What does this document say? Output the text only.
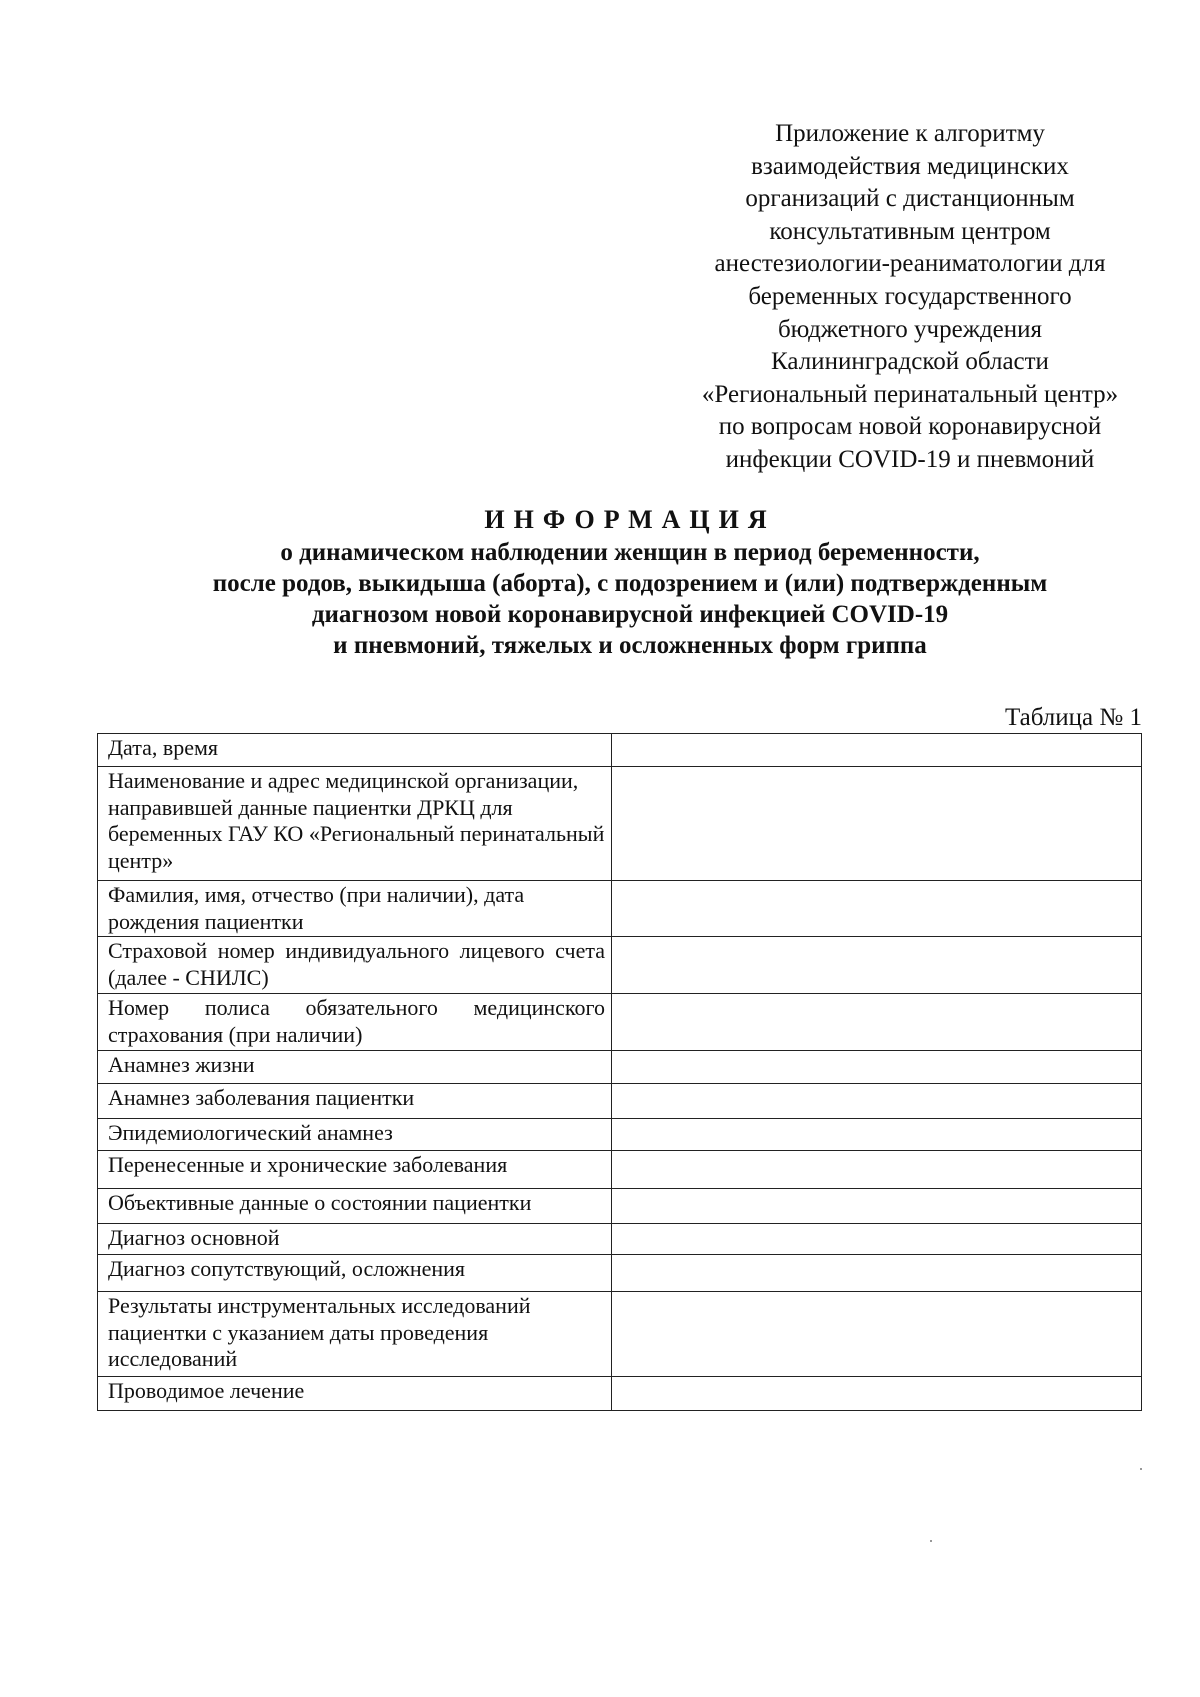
Приложение к алгоритму
взаимодействия медицинских
организаций с дистанционным
консультативным центром
анестезиологии-реаниматологии для
беременных государственного
бюджетного учреждения
Калининградской области
«Региональный перинатальный центр»
по вопросам новой коронавирусной
инфекции COVID-19 и пневмоний
ИНФОРМАЦИЯ
о динамическом наблюдении женщин в период беременности,
после родов, выкидыша (аборта), с подозрением и (или) подтвержденным
диагнозом новой коронавирусной инфекцией COVID-19
и пневмоний, тяжелых и осложненных форм гриппа
Таблица № 1
Дата, время	
Наименование и адрес медицинской организации, направившей данные пациентки ДРКЦ для беременных ГАУ КО «Региональный перинатальный центр»	
Фамилия, имя, отчество (при наличии), дата рождения пациентки	
Страховой номер индивидуального лицевого счета (далее - СНИЛС)	
Номер полиса обязательного медицинского страхования (при наличии)	
Анамнез жизни	
Анамнез заболевания пациентки	
Эпидемиологический анамнез	
Перенесенные и хронические заболевания	
Объективные данные о состоянии пациентки	
Диагноз основной	
Диагноз сопутствующий, осложнения	
Результаты инструментальных исследований пациентки с указанием даты проведения исследований	
Проводимое лечение	
